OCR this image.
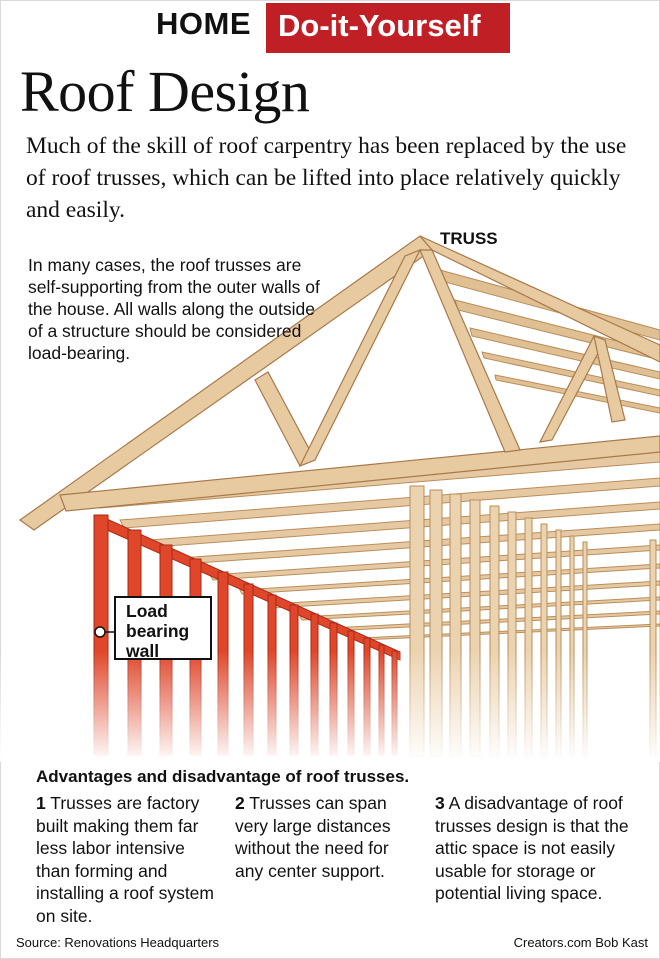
HOME Do-it-Yourself
Roof Design
Much of the skill of roof carpentry has been replaced by the use of roof trusses, which can be lifted into place relatively quickly and easily.
TRUSS
In many cases, the roof trusses are self-supporting from the outer walls of the house. All walls along the outside of a structure should be considered load-bearing.
Load
bearing
wall
Advantages and disadvantage of roof trusses.
1 Trusses are factory built making them far less labor intensive than forming and installing a roof system on site.
2 Trusses can span very large distances without the need for any center support.
3 A disadvantage of roof trusses design is that the attic space is not easily usable for storage or potential living space.
Source: Renovations Headquarters	Creators.com Bob Kast
